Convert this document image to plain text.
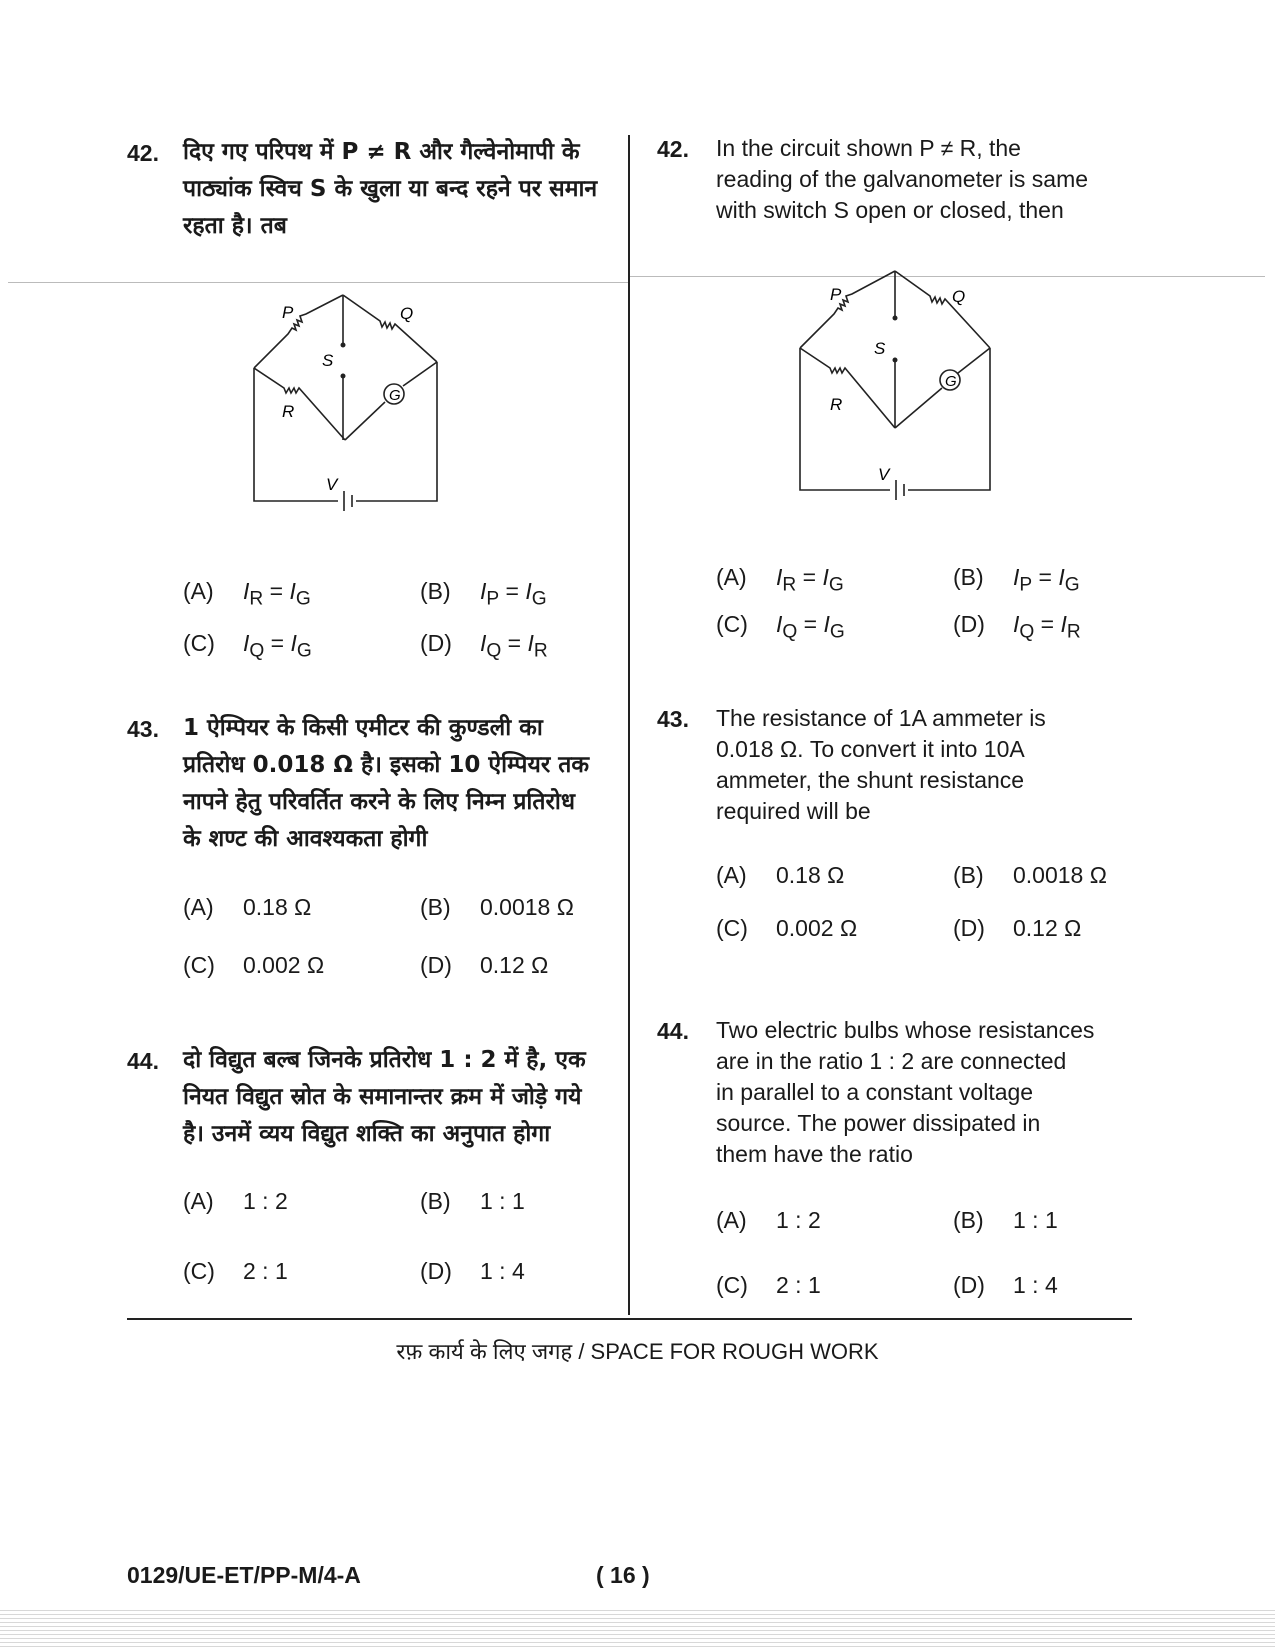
42. दिए गए परिपथ में P ≠ R और गैल्वेनोमापी के
पाठ्यांक स्विच S के खुला या बन्द रहने पर समान
रहता है। तब
P	Q
R
S
G
V
(A) $I_R = I_G$	(B) $I_P = I_G$
(C) $I_Q = I_G$	(D) $I_Q = I_R$
42. In the circuit shown P ≠ R, the
reading of the galvanometer is same
with switch S open or closed, then
P	Q
R
S
G
V
(A) $I_R = I_G$	(B) $I_P = I_G$
(C) $I_Q = I_G$	(D) $I_Q = I_R$
43. 1 ऐम्पियर के किसी एमीटर की कुण्डली का
प्रतिरोध 0.018 Ω है। इसको 10 ऐम्पियर तक
नापने हेतु परिवर्तित करने के लिए निम्न प्रतिरोध
के शण्ट की आवश्यकता होगी
(A) 0.18 Ω	(B) 0.0018 Ω
(C) 0.002 Ω	(D) 0.12 Ω
43. The resistance of 1A ammeter is
0.018 Ω. To convert it into 10A
ammeter, the shunt resistance
required will be
(A) 0.18 Ω	(B) 0.0018 Ω
(C) 0.002 Ω	(D) 0.12 Ω
44. दो विद्युत बल्ब जिनके प्रतिरोध 1 : 2 में है, एक
नियत विद्युत स्रोत के समानान्तर क्रम में जोड़े गये
है। उनमें व्यय विद्युत शक्ति का अनुपात होगा
(A) 1 : 2	(B) 1 : 1
(C) 2 : 1	(D) 1 : 4
44. Two electric bulbs whose resistances
are in the ratio 1 : 2 are connected
in parallel to a constant voltage
source. The power dissipated in
them have the ratio
(A) 1 : 2	(B) 1 : 1
(C) 2 : 1	(D) 1 : 4
रफ़ कार्य के लिए जगह / SPACE FOR ROUGH WORK
0129/UE-ET/PP-M/4-A	( 16 )
